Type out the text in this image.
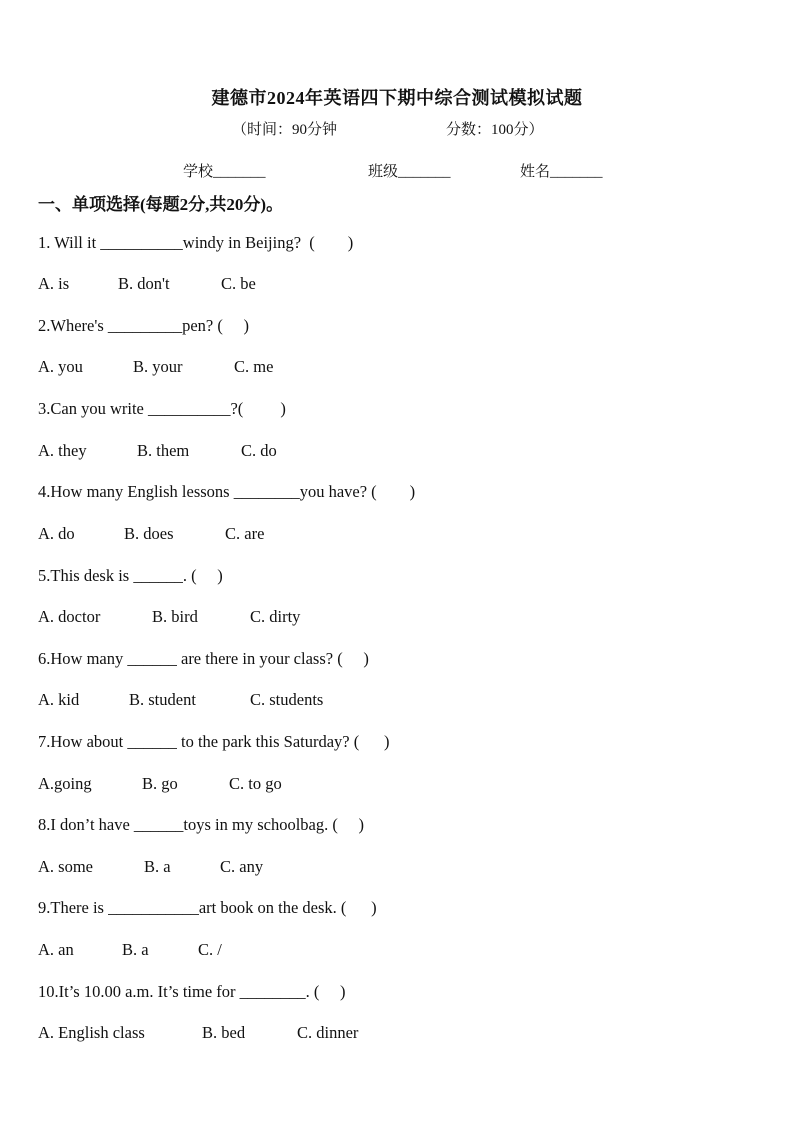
建德市2024年英语四下期中综合测试模拟试题
（时间：90分钟	分数：100分）
学校_______	班级_______	姓名_______
一、单项选择(每题2分,共20分)。
1. Will it __________windy in Beijing?  (        )
A. is	B. don't	C. be
2.Where's _________pen? (     )
A. you	B. your	C. me
3.Can you write __________?(         )
A. they	B. them	C. do
4.How many English lessons ________you have? (        )
A. do	B. does	C. are
5.This desk is ______. (     )
A. doctor	B. bird	C. dirty
6.How many ______ are there in your class? (     )
A. kid	B. student	C. students
7.How about ______ to the park this Saturday? (      )
A.going	B. go	C. to go
8.I don’t have ______toys in my schoolbag. (     )
A. some	B. a	C. any
9.There is ___________art book on the desk. (      )
A. an	B. a	C. /
10.It’s 10.00 a.m. It’s time for ________. (     )
A. English class	B. bed	C. dinner
